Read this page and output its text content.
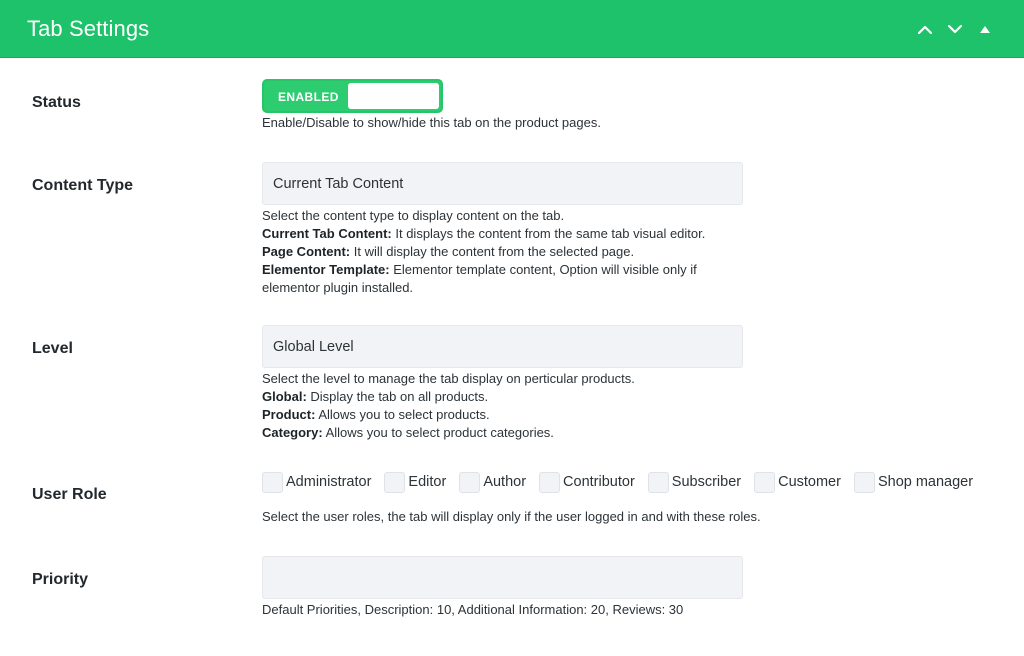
Tab Settings
Status	ENABLED
Enable/Disable to show/hide this tab on the product pages.
Content Type	Current Tab Content
Select the content type to display content on the tab.
Current Tab Content: It displays the content from the same tab visual editor.
Page Content: It will display the content from the selected page.
Elementor Template: Elementor template content, Option will visible only if elementor plugin installed.
Level	Global Level
Select the level to manage the tab display on perticular products.
Global: Display the tab on all products.
Product: Allows you to select products.
Category: Allows you to select product categories.
User Role
Administrator	Editor	Author	Contributor	Subscriber	Customer	Shop manager
Select the user roles, the tab will display only if the user logged in and with these roles.
Priority
Default Priorities, Description: 10, Additional Information: 20, Reviews: 30
